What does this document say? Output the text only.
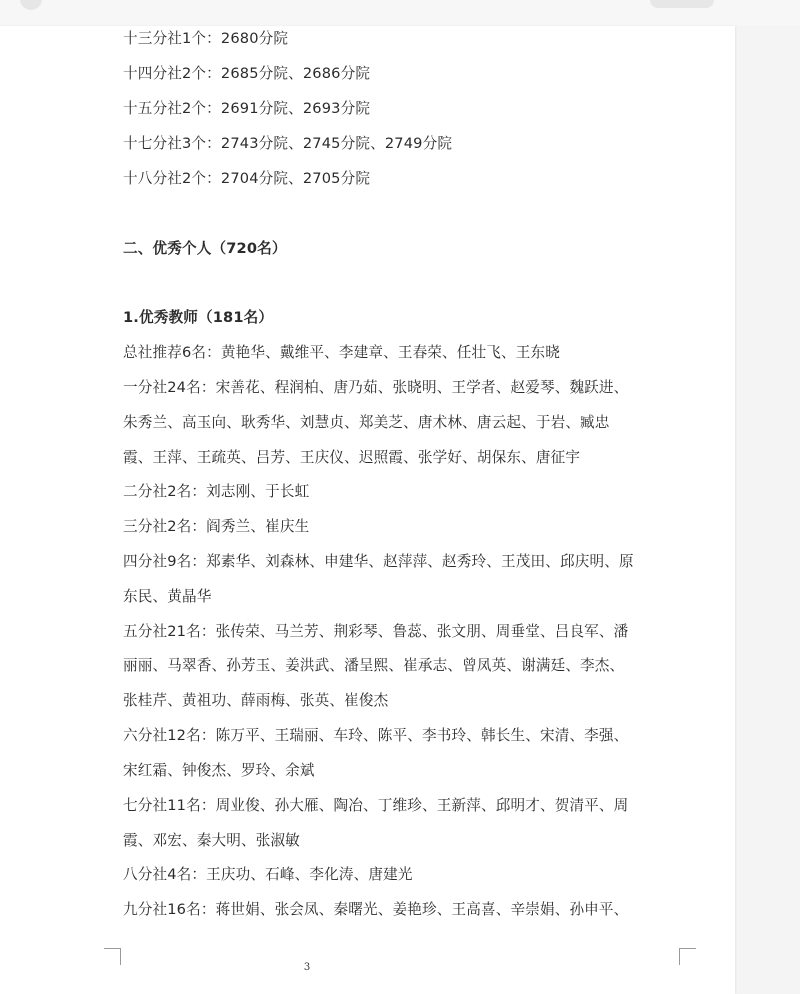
十三分社1个：2680分院
十四分社2个：2685分院、2686分院
十五分社2个：2691分院、2693分院
十七分社3个：2743分院、2745分院、2749分院
十八分社2个：2704分院、2705分院
二、优秀个人（720名）
1.优秀教师（181名）
总社推荐6名：黄艳华、戴维平、李建章、王春荣、任壮飞、王东晓
一分社24名：宋善花、程润柏、唐乃茹、张晓明、王学者、赵爱琴、魏跃进、
朱秀兰、高玉向、耿秀华、刘慧贞、郑美芝、唐术林、唐云起、于岩、臧忠
霞、王萍、王疏英、吕芳、王庆仪、迟照霞、张学好、胡保东、唐征宇
二分社2名：刘志刚、于长虹
三分社2名：阎秀兰、崔庆生
四分社9名：郑素华、刘森林、申建华、赵萍萍、赵秀玲、王茂田、邱庆明、原
东民、黄晶华
五分社21名：张传荣、马兰芳、荆彩琴、鲁蕊、张文朋、周垂堂、吕良军、潘
丽丽、马翠香、孙芳玉、姜洪武、潘呈熙、崔承志、曾凤英、谢满廷、李杰、
张桂芹、黄祖功、薛雨梅、张英、崔俊杰
六分社12名：陈万平、王瑞丽、车玲、陈平、李书玲、韩长生、宋清、李强、
宋红霜、钟俊杰、罗玲、余斌
七分社11名：周业俊、孙大雁、陶冶、丁维珍、王新萍、邱明才、贺清平、周
霞、邓宏、秦大明、张淑敏
八分社4名：王庆功、石峰、李化涛、唐建光
九分社16名：蒋世娟、张会凤、秦曙光、姜艳珍、王高喜、辛崇娟、孙申平、
3
